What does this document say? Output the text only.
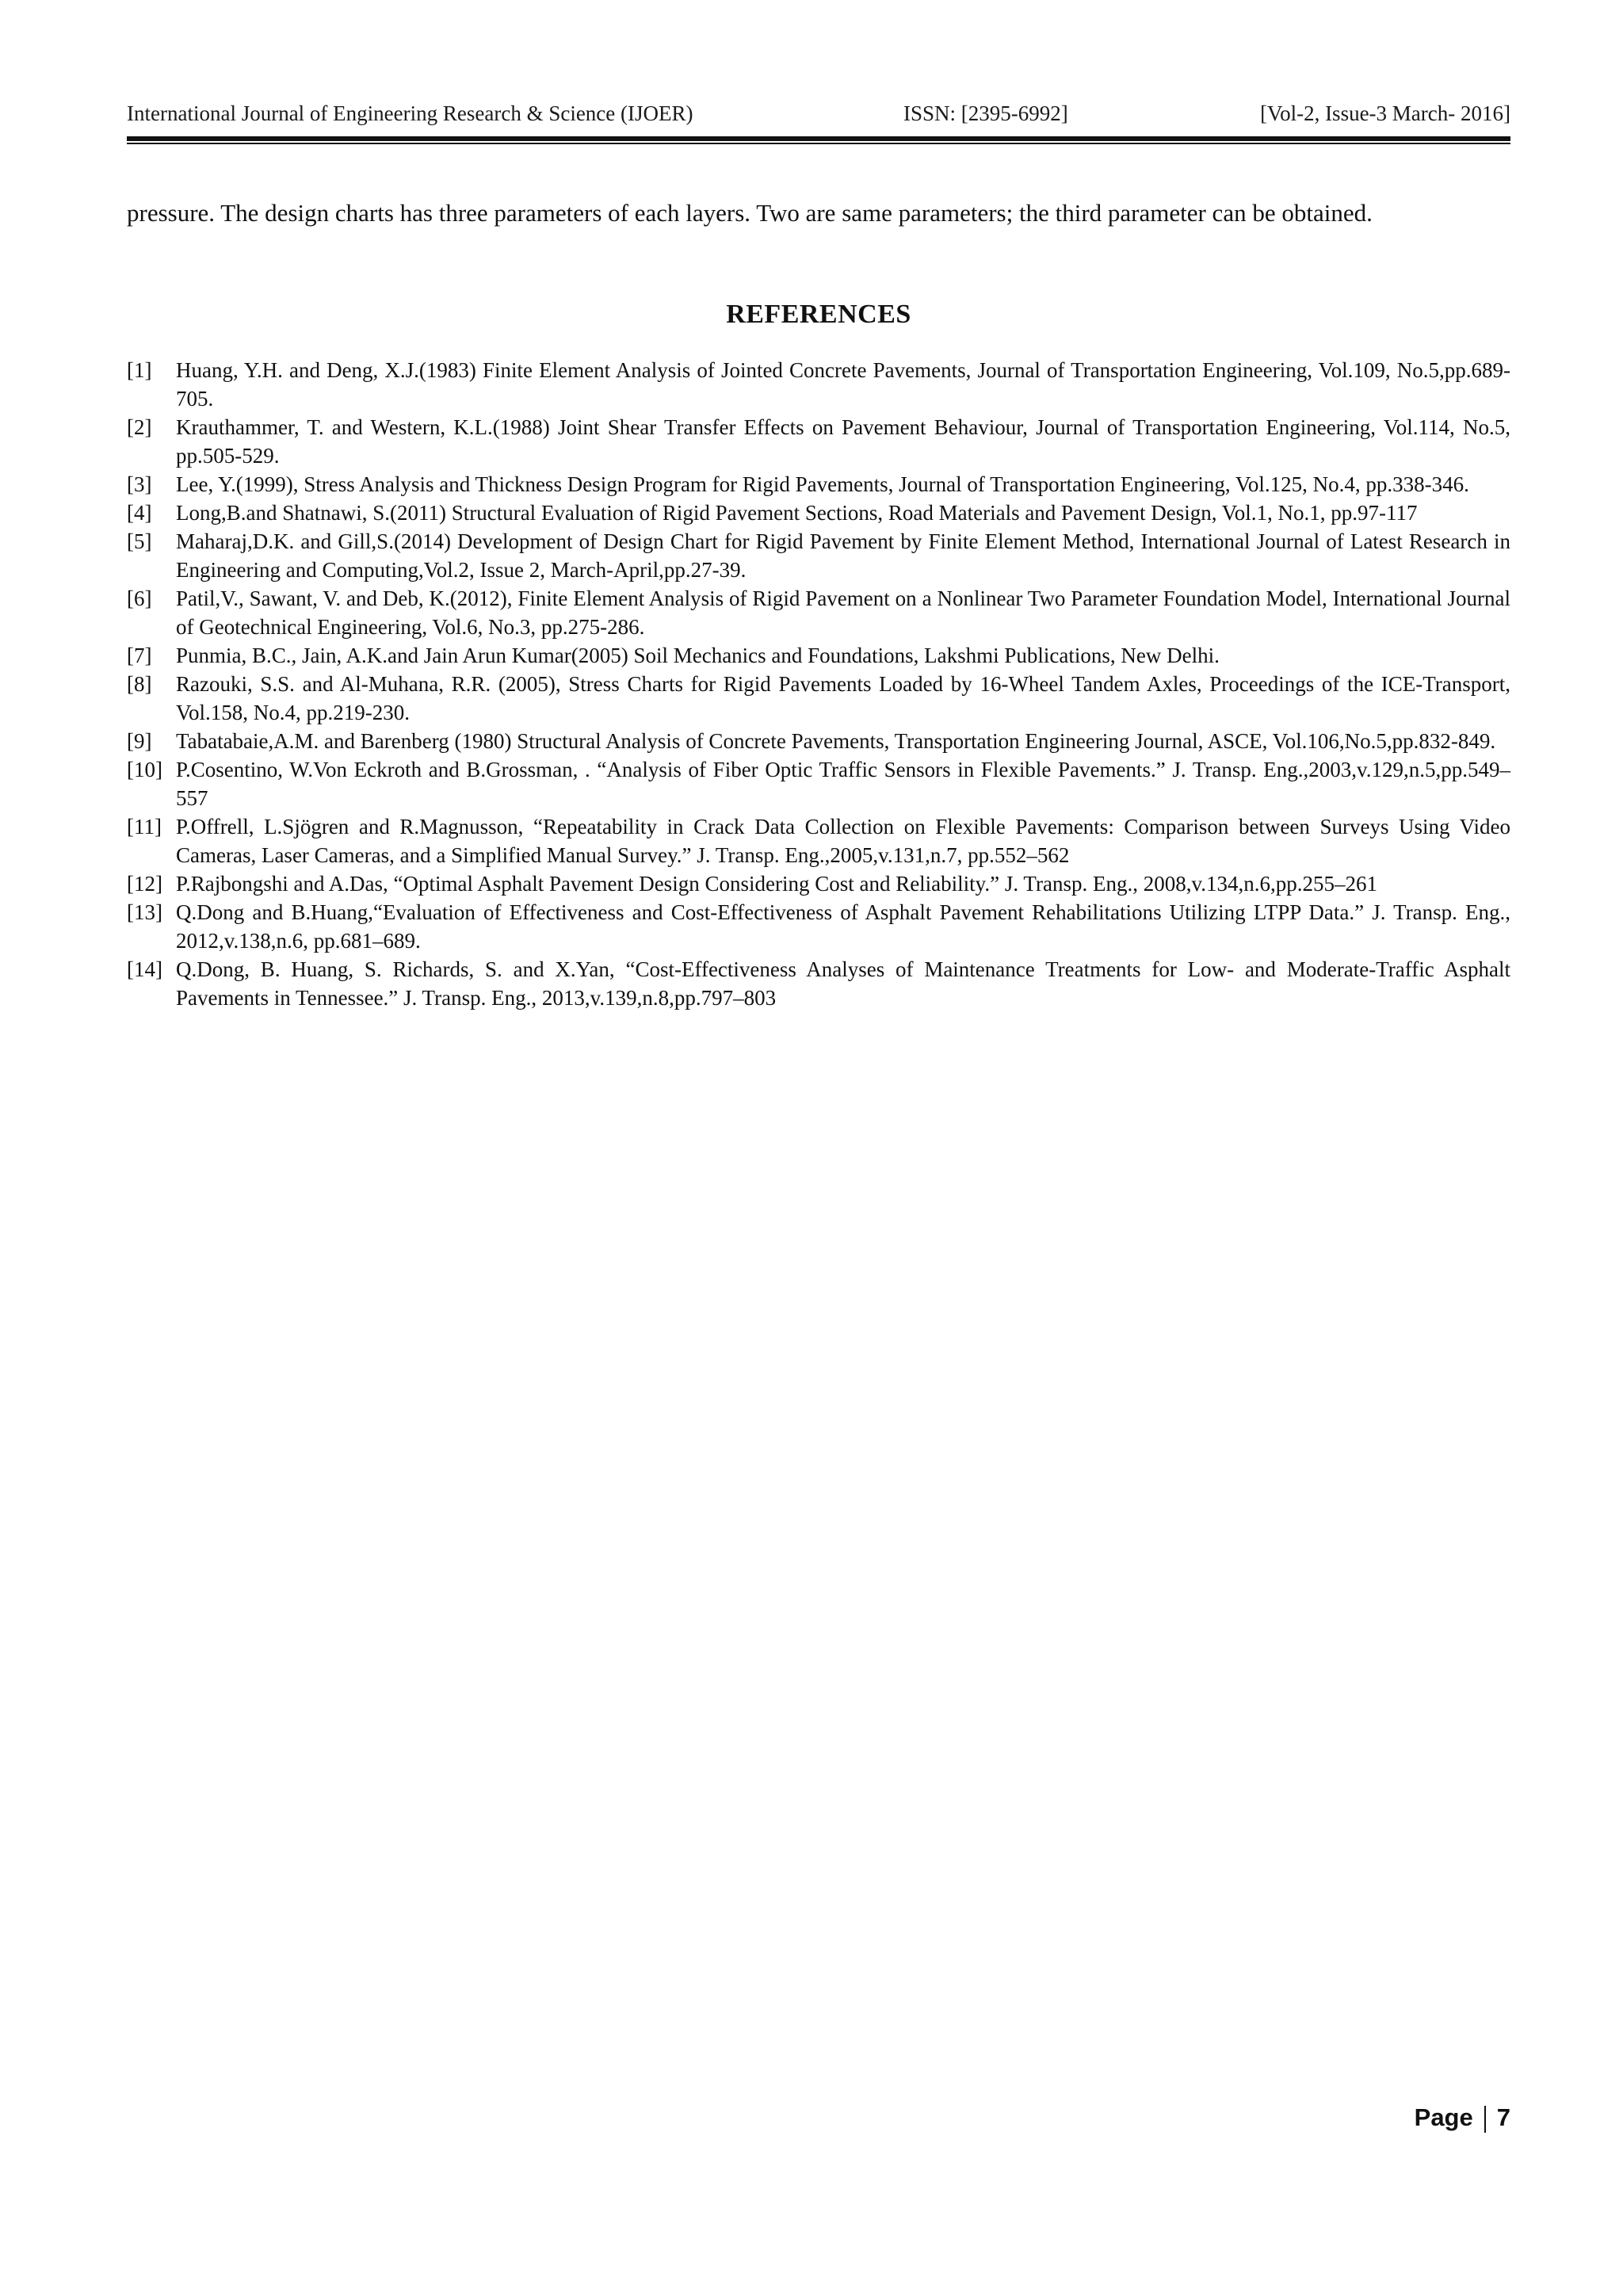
International Journal of Engineering Research & Science (IJOER)	ISSN: [2395-6992]	[Vol-2, Issue-3 March- 2016]

pressure. The design charts has three parameters of each layers. Two are same parameters; the third parameter can be obtained.

REFERENCES
[1]	Huang, Y.H. and Deng, X.J.(1983) Finite Element Analysis of Jointed Concrete Pavements, Journal of Transportation Engineering, Vol.109, No.5,pp.689-705.
[2]	Krauthammer, T. and Western, K.L.(1988) Joint Shear Transfer Effects on Pavement Behaviour, Journal of Transportation Engineering, Vol.114, No.5, pp.505-529.
[3]	Lee, Y.(1999), Stress Analysis and Thickness Design Program for Rigid Pavements, Journal of Transportation Engineering, Vol.125, No.4, pp.338-346.
[4]	Long,B.and Shatnawi, S.(2011) Structural Evaluation of Rigid Pavement Sections, Road Materials and Pavement Design, Vol.1, No.1, pp.97-117
[5]	Maharaj,D.K. and Gill,S.(2014) Development of Design Chart for Rigid Pavement by Finite Element Method, International Journal of Latest Research in Engineering and Computing,Vol.2, Issue 2, March-April,pp.27-39.
[6]	Patil,V., Sawant, V. and Deb, K.(2012), Finite Element Analysis of Rigid Pavement on a Nonlinear Two Parameter Foundation Model, International Journal of Geotechnical Engineering, Vol.6, No.3, pp.275-286.
[7]	Punmia, B.C., Jain, A.K.and Jain Arun Kumar(2005) Soil Mechanics and Foundations, Lakshmi Publications, New Delhi.
[8]	Razouki, S.S. and Al-Muhana, R.R. (2005), Stress Charts for Rigid Pavements Loaded by 16-Wheel Tandem Axles, Proceedings of the ICE-Transport, Vol.158, No.4, pp.219-230.
[9]	Tabatabaie,A.M. and Barenberg (1980) Structural Analysis of Concrete Pavements, Transportation Engineering Journal, ASCE, Vol.106,No.5,pp.832-849.
[10] P.Cosentino, W.Von Eckroth and B.Grossman, . “Analysis of Fiber Optic Traffic Sensors in Flexible Pavements.” J. Transp. Eng.,2003,v.129,n.5,pp.549–557
[11] P.Offrell, L.Sjögren and R.Magnusson, “Repeatability in Crack Data Collection on Flexible Pavements: Comparison between Surveys Using Video Cameras, Laser Cameras, and a Simplified Manual Survey.” J. Transp. Eng.,2005,v.131,n.7, pp.552–562
[12] P.Rajbongshi and A.Das, “Optimal Asphalt Pavement Design Considering Cost and Reliability.” J. Transp. Eng., 2008,v.134,n.6,pp.255–261
[13] Q.Dong and B.Huang,“Evaluation of Effectiveness and Cost-Effectiveness of Asphalt Pavement Rehabilitations Utilizing LTPP Data.” J. Transp. Eng., 2012,v.138,n.6, pp.681–689.
[14] Q.Dong, B. Huang, S. Richards, S. and X.Yan, “Cost-Effectiveness Analyses of Maintenance Treatments for Low- and Moderate-Traffic Asphalt Pavements in Tennessee.” J. Transp. Eng., 2013,v.139,n.8,pp.797–803
Page 7
